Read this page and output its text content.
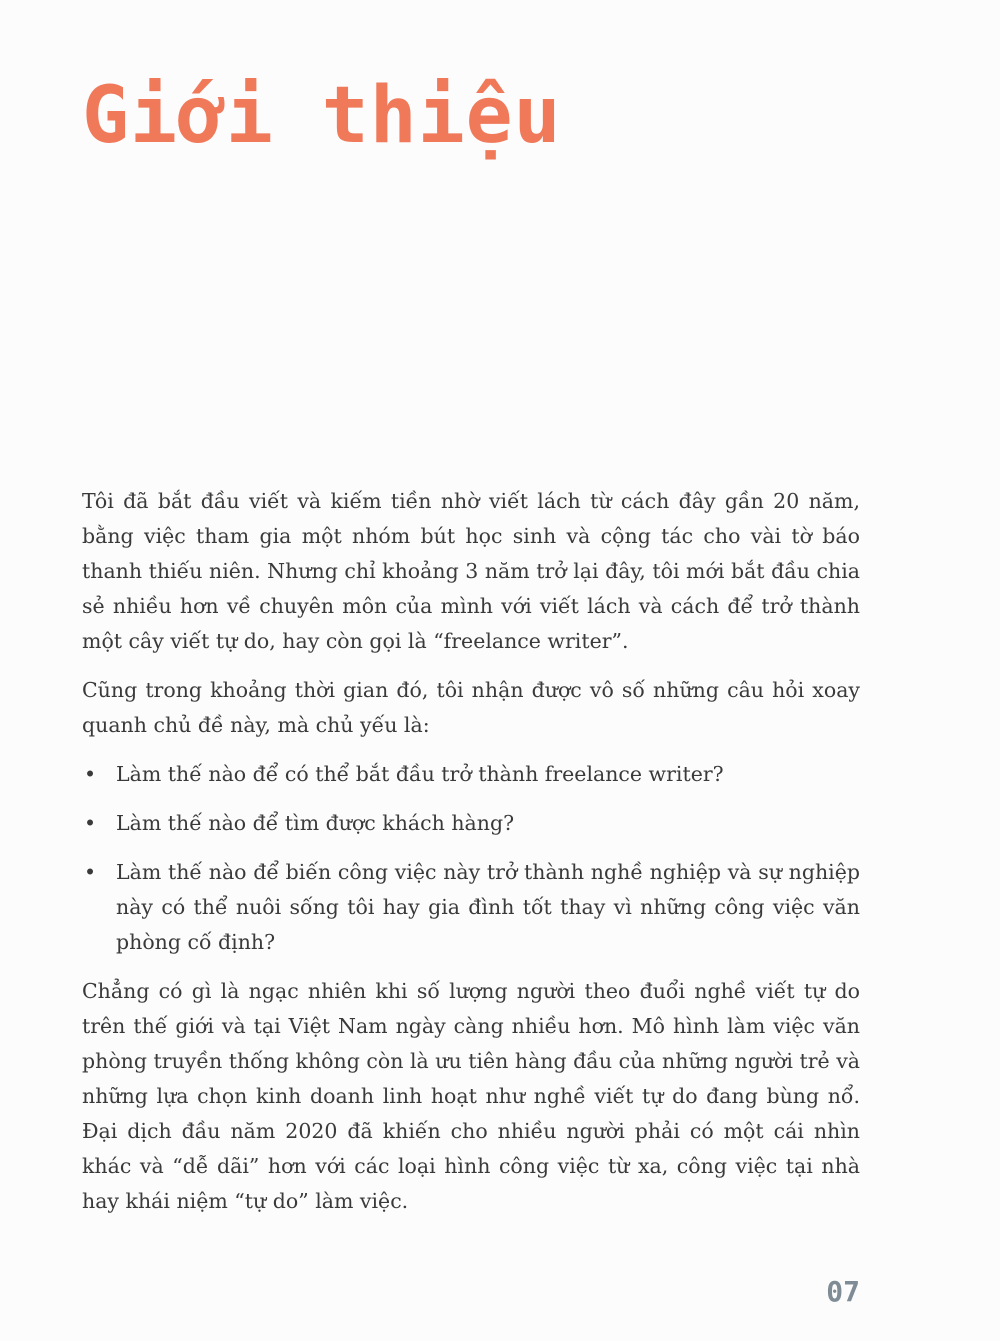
Giới thiệu

Tôi đã bắt đầu viết và kiếm tiền nhờ viết lách từ cách đây gần 20 năm, bằng việc tham gia một nhóm bút học sinh và cộng tác cho vài tờ báo thanh thiếu niên. Nhưng chỉ khoảng 3 năm trở lại đây, tôi mới bắt đầu chia sẻ nhiều hơn về chuyên môn của mình với viết lách và cách để trở thành một cây viết tự do, hay còn gọi là “freelance writer”.

Cũng trong khoảng thời gian đó, tôi nhận được vô số những câu hỏi xoay quanh chủ đề này, mà chủ yếu là:

• Làm thế nào để có thể bắt đầu trở thành freelance writer?
• Làm thế nào để tìm được khách hàng?
• Làm thế nào để biến công việc này trở thành nghề nghiệp và sự nghiệp này có thể nuôi sống tôi hay gia đình tốt thay vì những công việc văn phòng cố định?

Chẳng có gì là ngạc nhiên khi số lượng người theo đuổi nghề viết tự do trên thế giới và tại Việt Nam ngày càng nhiều hơn. Mô hình làm việc văn phòng truyền thống không còn là ưu tiên hàng đầu của những người trẻ và những lựa chọn kinh doanh linh hoạt như nghề viết tự do đang bùng nổ. Đại dịch đầu năm 2020 đã khiến cho nhiều người phải có một cái nhìn khác và “dễ dãi” hơn với các loại hình công việc từ xa, công việc tại nhà hay khái niệm “tự do” làm việc.

07
